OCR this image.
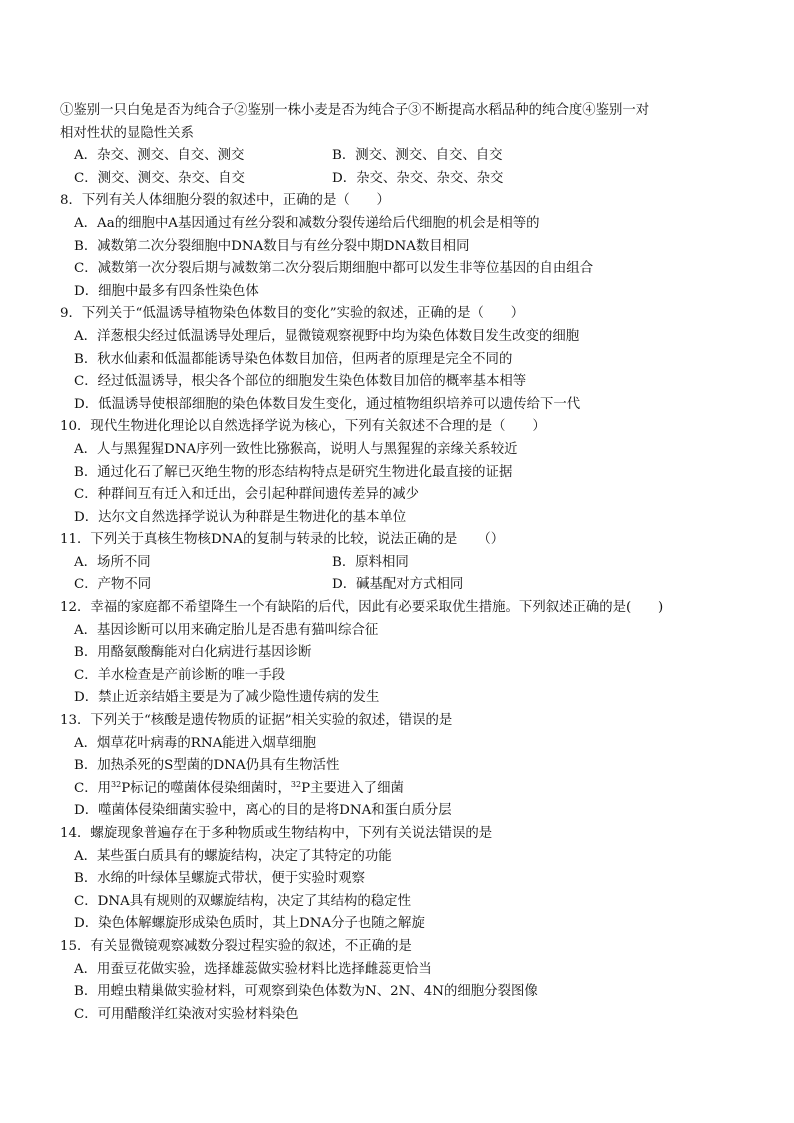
①鉴别一只白兔是否为纯合子②鉴别一株小麦是否为纯合子③不断提高水稻品种的纯合度④鉴别一对
相对性状的显隐性关系
A．杂交、测交、自交、测交	B．测交、测交、自交、自交
C．测交、测交、杂交、自交	D．杂交、杂交、杂交、杂交
8．下列有关人体细胞分裂的叙述中，正确的是（　　）
A．Aa的细胞中A基因通过有丝分裂和减数分裂传递给后代细胞的机会是相等的
B．减数第二次分裂细胞中DNA数目与有丝分裂中期DNA数目相同
C．减数第一次分裂后期与减数第二次分裂后期细胞中都可以发生非等位基因的自由组合
D．细胞中最多有四条性染色体
9．下列关于“低温诱导植物染色体数目的变化”实验的叙述，正确的是（　　）
A．洋葱根尖经过低温诱导处理后，显微镜观察视野中均为染色体数目发生改变的细胞
B．秋水仙素和低温都能诱导染色体数目加倍，但两者的原理是完全不同的
C．经过低温诱导，根尖各个部位的细胞发生染色体数目加倍的概率基本相等
D．低温诱导使根部细胞的染色体数目发生变化，通过植物组织培养可以遗传给下一代
10．现代生物进化理论以自然选择学说为核心，下列有关叙述不合理的是（　　）
A．人与黑猩猩DNA序列一致性比猕猴高，说明人与黑猩猩的亲缘关系较近
B．通过化石了解已灭绝生物的形态结构特点是研究生物进化最直接的证据
C．种群间互有迁入和迁出，会引起种群间遗传差异的减少
D．达尔文自然选择学说认为种群是生物进化的基本单位
11．下列关于真核生物核DNA的复制与转录的比较，说法正确的是　　（）
A．场所不同	B．原料相同
C．产物不同	D．碱基配对方式相同
12．幸福的家庭都不希望降生一个有缺陷的后代，因此有必要采取优生措施。下列叙述正确的是(　　)
A．基因诊断可以用来确定胎儿是否患有猫叫综合征
B．用酪氨酸酶能对白化病进行基因诊断
C．羊水检查是产前诊断的唯一手段
D．禁止近亲结婚主要是为了减少隐性遗传病的发生
13．下列关于“核酸是遗传物质的证据”相关实验的叙述，错误的是
A．烟草花叶病毒的RNA能进入烟草细胞
B．加热杀死的S型菌的DNA仍具有生物活性
C．用$^{32}$P标记的噬菌体侵染细菌时，$^{32}$P主要进入了细菌
D．噬菌体侵染细菌实验中，离心的目的是将DNA和蛋白质分层
14．螺旋现象普遍存在于多种物质或生物结构中，下列有关说法错误的是
A．某些蛋白质具有的螺旋结构，决定了其特定的功能
B．水绵的叶绿体呈螺旋式带状，便于实验时观察
C．DNA具有规则的双螺旋结构，决定了其结构的稳定性
D．染色体解螺旋形成染色质时，其上DNA分子也随之解旋
15．有关显微镜观察减数分裂过程实验的叙述，不正确的是
A．用蚕豆花做实验，选择雄蕊做实验材料比选择雌蕊更恰当
B．用蝗虫精巢做实验材料，可观察到染色体数为N、2N、4N的细胞分裂图像
C．可用醋酸洋红染液对实验材料染色
